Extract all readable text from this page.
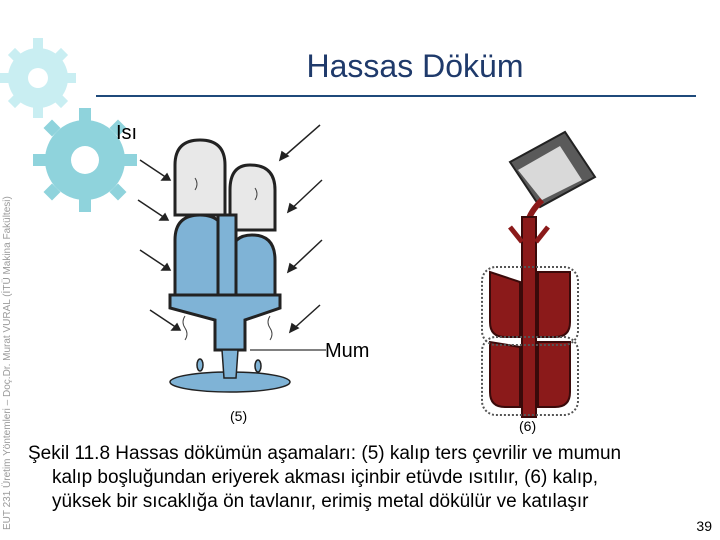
EUT 231 Üretim Yöntemleri – Doç.Dr. Murat VURAL (İTÜ Makina Fakültesi)
Hassas Döküm
Isı
Mum
(5)
(6)
Şekil 11.8 Hassas dökümün aşamaları: (5) kalıp ters çevrilir ve mumun
kalıp boşluğundan eriyerek akması içinbir etüvde ısıtılır, (6) kalıp,
yüksek bir sıcaklığa ön tavlanır, erimiş metal dökülür ve katılaşır
39
